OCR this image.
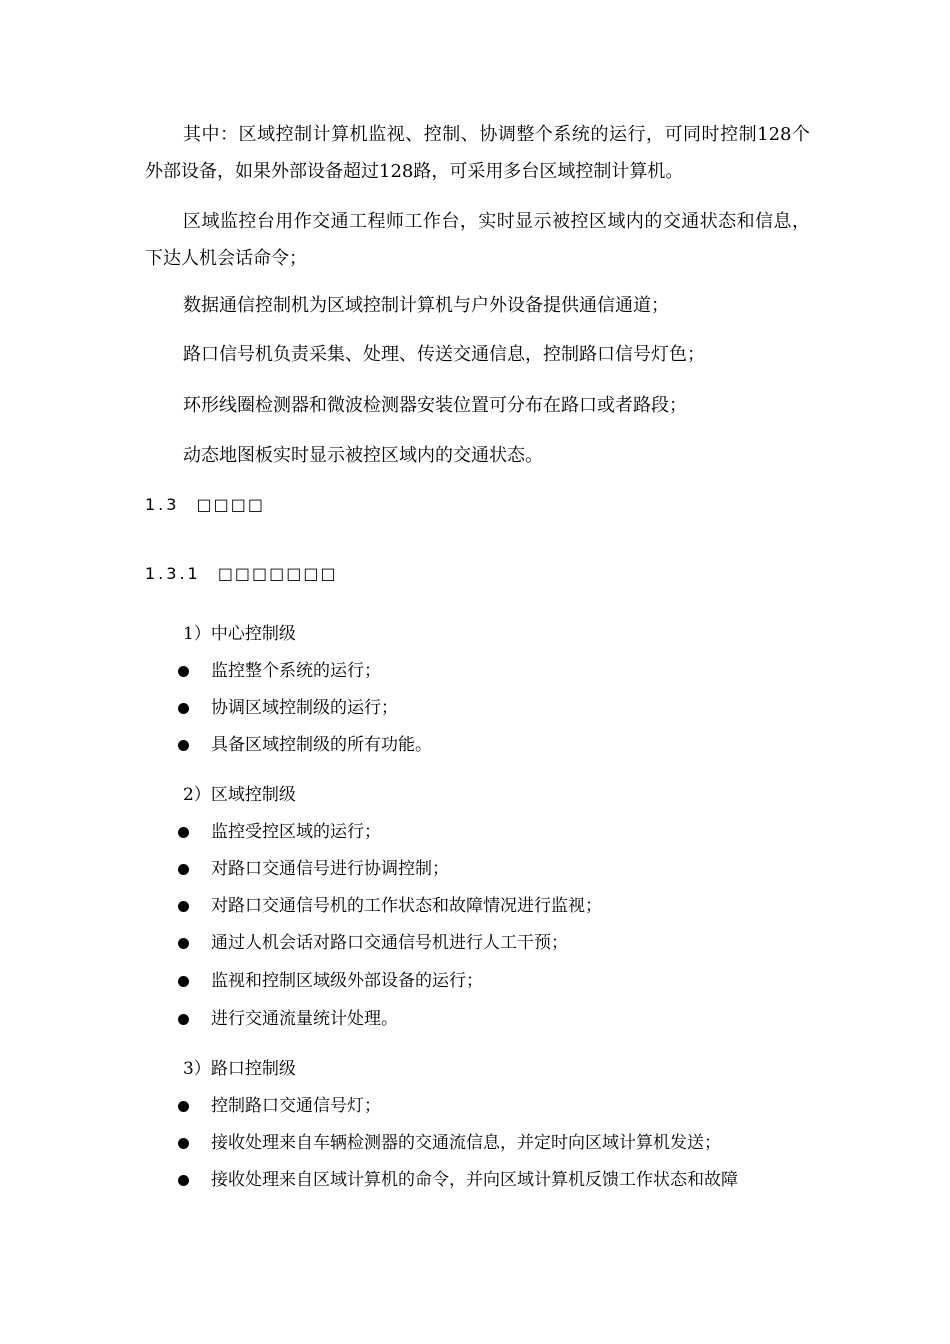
其中：区域控制计算机监视、控制、协调整个系统的运行，可同时控制128个外部设备，如果外部设备超过128路，可采用多台区域控制计算机。

区域监控台用作交通工程师工作台，实时显示被控区域内的交通状态和信息，下达人机会话命令；

数据通信控制机为区域控制计算机与户外设备提供通信通道；

路口信号机负责采集、处理、传送交通信息，控制路口信号灯色；

环形线圈检测器和微波检测器安装位置可分布在路口或者路段；

动态地图板实时显示被控区域内的交通状态。

1.3 □□□□
1.3.1 □□□□□□□

1）中心控制级

监控整个系统的运行；
协调区域控制级的运行；
具备区域控制级的所有功能。

2）区域控制级

监控受控区域的运行；
对路口交通信号进行协调控制；
对路口交通信号机的工作状态和故障情况进行监视；
通过人机会话对路口交通信号机进行人工干预；
监视和控制区域级外部设备的运行；
进行交通流量统计处理。

3）路口控制级

控制路口交通信号灯；
接收处理来自车辆检测器的交通流信息，并定时向区域计算机发送；
接收处理来自区域计算机的命令，并向区域计算机反馈工作状态和故障
